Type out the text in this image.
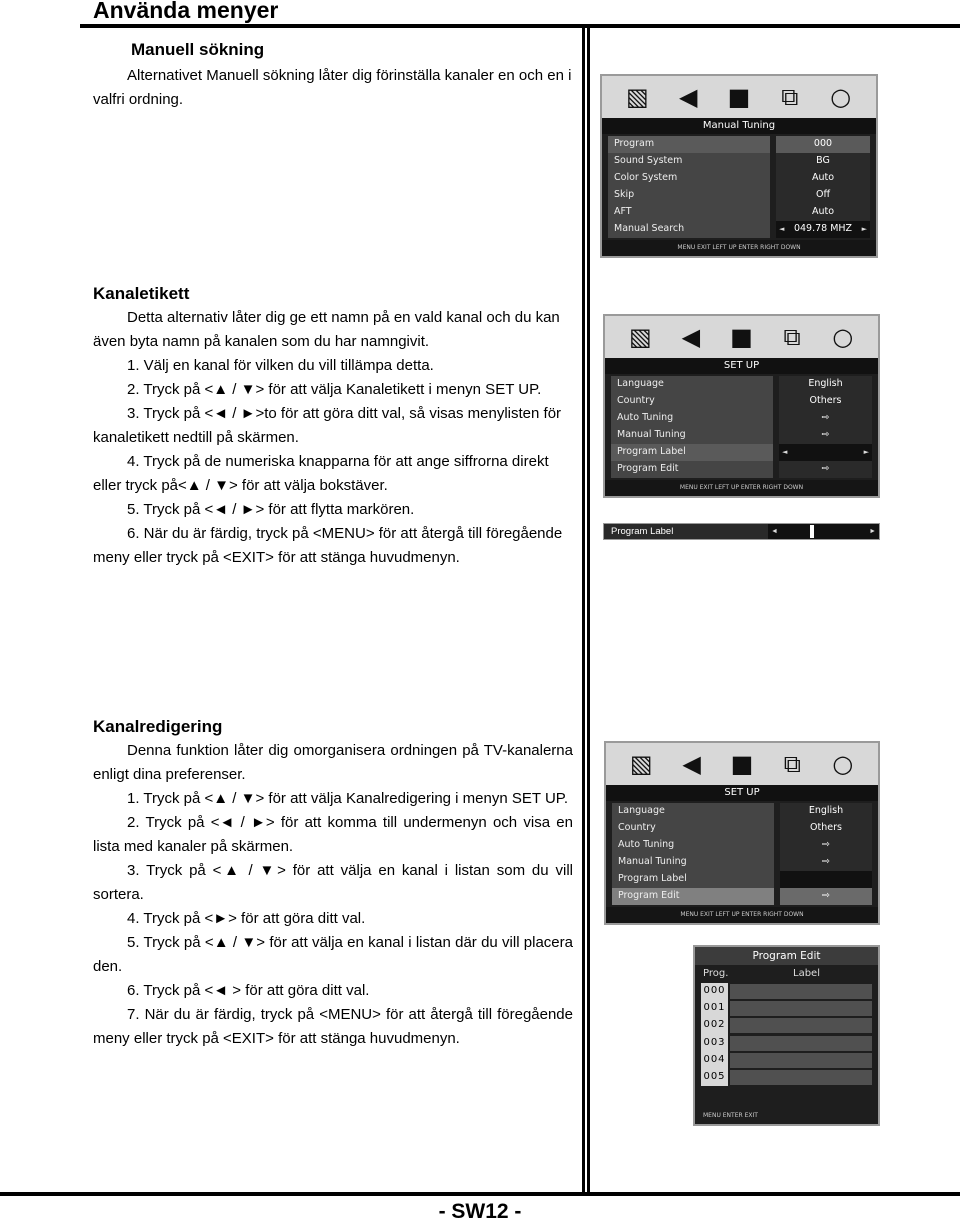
Använda menyer
- SW12 -
Manuell sökning

Alternativet Manuell sökning låter dig förinställa kanaler en och en i valfri ordning.

Kanaletikett

Detta alternativ låter dig ge ett namn på en vald kanal och du kan även byta namn på kanalen som du har namngivit.

1. Välj en kanal för vilken du vill tillämpa detta.

2. Tryck på <▲ / ▼> för att välja Kanaletikett i menyn SET UP.

3. Tryck på <◄ / ►>to för att göra ditt val, så visas menylisten för kanaletikett nedtill på skärmen.

4. Tryck på de numeriska knapparna för att ange siffrorna direkt eller tryck på<▲ / ▼> för att välja bokstäver.

5. Tryck på <◄ / ►> för att flytta markören.

6. När du är färdig, tryck på <MENU> för att återgå till föregående meny eller tryck på <EXIT> för att stänga huvudmenyn.

Kanalredigering

Denna funktion låter dig omorganisera ordningen på TV-kanalerna enligt dina preferenser.

1. Tryck på <▲ / ▼> för att välja Kanalredigering i menyn SET UP.

2. Tryck på <◄ / ►> för att komma till undermenyn och visa en lista med kanaler på skärmen.

3. Tryck på <▲ / ▼> för att välja en kanal i listan som du vill sortera.

4. Tryck på <►> för att göra ditt val.

5. Tryck på <▲ / ▼> för att välja en kanal i listan där du vill placera den.

6. Tryck på <◄ > för att göra ditt val.

7. När du är färdig, tryck på <MENU> för att återgå till föregående meny eller tryck på <EXIT> för att stänga huvudmenyn.

▧	◀	■	⧉	○
Manual Tuning
Program	000
Sound System	BG
Color System	Auto
Skip	Off
AFT	Auto
Manual Search	◄ 049.78 MHZ ►
MENU EXIT LEFT UP ENTER RIGHT DOWN
▧	◀	■	⧉	○
SET UP
Language	English
Country	Others
Auto Tuning	⇨
Manual Tuning	⇨
Program Label	◄	►
Program Edit	⇨
MENU EXIT LEFT UP ENTER RIGHT DOWN
Program Label	◄	►
▧	◀	■	⧉	○
SET UP
Language	English
Country	Others
Auto Tuning	⇨
Manual Tuning	⇨
Program Label
Program Edit	⇨
MENU EXIT LEFT UP ENTER RIGHT DOWN
Program Edit
Prog.	Label
000
001
002
003
004
005
MENU ENTER EXIT
